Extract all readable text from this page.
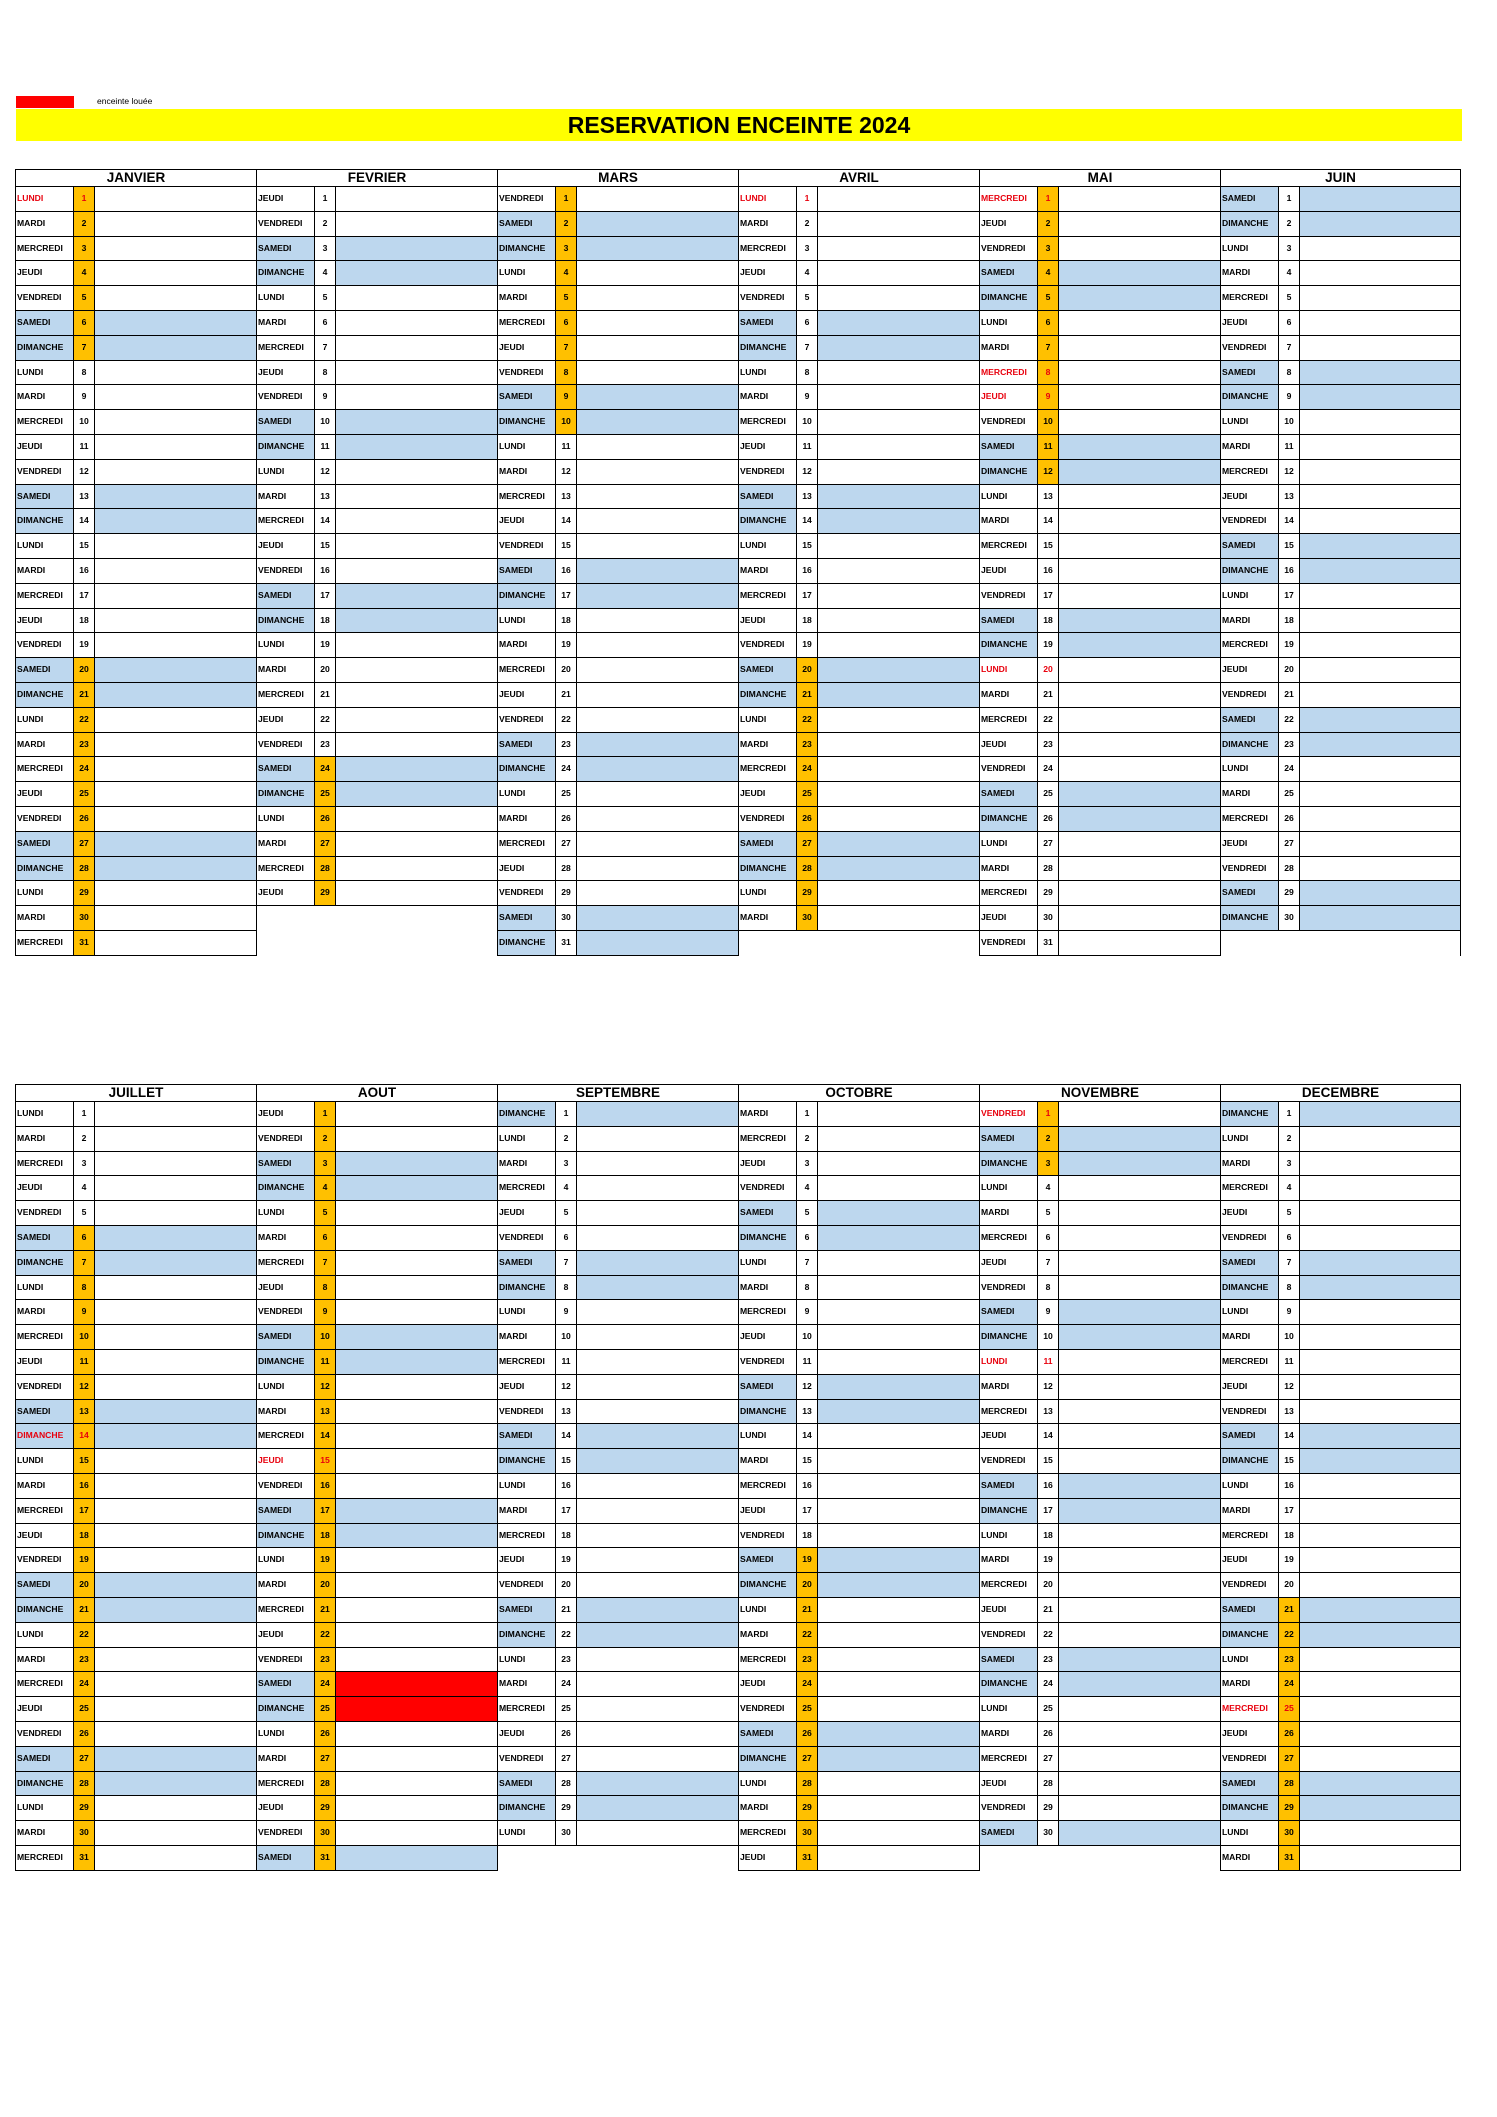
enceinte louée
RESERVATION ENCEINTE 2024
JANVIER
LUNDI	1
MARDI	2
MERCREDI	3
JEUDI	4
VENDREDI	5
SAMEDI	6
DIMANCHE	7
LUNDI	8
MARDI	9
MERCREDI	10
JEUDI	11
VENDREDI	12
SAMEDI	13
DIMANCHE	14
LUNDI	15
MARDI	16
MERCREDI	17
JEUDI	18
VENDREDI	19
SAMEDI	20
DIMANCHE	21
LUNDI	22
MARDI	23
MERCREDI	24
JEUDI	25
VENDREDI	26
SAMEDI	27
DIMANCHE	28
LUNDI	29
MARDI	30
MERCREDI	31
FEVRIER
JEUDI	1
VENDREDI	2
SAMEDI	3
DIMANCHE	4
LUNDI	5
MARDI	6
MERCREDI	7
JEUDI	8
VENDREDI	9
SAMEDI	10
DIMANCHE	11
LUNDI	12
MARDI	13
MERCREDI	14
JEUDI	15
VENDREDI	16
SAMEDI	17
DIMANCHE	18
LUNDI	19
MARDI	20
MERCREDI	21
JEUDI	22
VENDREDI	23
SAMEDI	24
DIMANCHE	25
LUNDI	26
MARDI	27
MERCREDI	28
JEUDI	29
MARS
VENDREDI	1
SAMEDI	2
DIMANCHE	3
LUNDI	4
MARDI	5
MERCREDI	6
JEUDI	7
VENDREDI	8
SAMEDI	9
DIMANCHE	10
LUNDI	11
MARDI	12
MERCREDI	13
JEUDI	14
VENDREDI	15
SAMEDI	16
DIMANCHE	17
LUNDI	18
MARDI	19
MERCREDI	20
JEUDI	21
VENDREDI	22
SAMEDI	23
DIMANCHE	24
LUNDI	25
MARDI	26
MERCREDI	27
JEUDI	28
VENDREDI	29
SAMEDI	30
DIMANCHE	31
AVRIL
LUNDI	1
MARDI	2
MERCREDI	3
JEUDI	4
VENDREDI	5
SAMEDI	6
DIMANCHE	7
LUNDI	8
MARDI	9
MERCREDI	10
JEUDI	11
VENDREDI	12
SAMEDI	13
DIMANCHE	14
LUNDI	15
MARDI	16
MERCREDI	17
JEUDI	18
VENDREDI	19
SAMEDI	20
DIMANCHE	21
LUNDI	22
MARDI	23
MERCREDI	24
JEUDI	25
VENDREDI	26
SAMEDI	27
DIMANCHE	28
LUNDI	29
MARDI	30
MAI
MERCREDI	1
JEUDI	2
VENDREDI	3
SAMEDI	4
DIMANCHE	5
LUNDI	6
MARDI	7
MERCREDI	8
JEUDI	9
VENDREDI	10
SAMEDI	11
DIMANCHE	12
LUNDI	13
MARDI	14
MERCREDI	15
JEUDI	16
VENDREDI	17
SAMEDI	18
DIMANCHE	19
LUNDI	20
MARDI	21
MERCREDI	22
JEUDI	23
VENDREDI	24
SAMEDI	25
DIMANCHE	26
LUNDI	27
MARDI	28
MERCREDI	29
JEUDI	30
VENDREDI	31
JUIN
SAMEDI	1
DIMANCHE	2
LUNDI	3
MARDI	4
MERCREDI	5
JEUDI	6
VENDREDI	7
SAMEDI	8
DIMANCHE	9
LUNDI	10
MARDI	11
MERCREDI	12
JEUDI	13
VENDREDI	14
SAMEDI	15
DIMANCHE	16
LUNDI	17
MARDI	18
MERCREDI	19
JEUDI	20
VENDREDI	21
SAMEDI	22
DIMANCHE	23
LUNDI	24
MARDI	25
MERCREDI	26
JEUDI	27
VENDREDI	28
SAMEDI	29
DIMANCHE	30
JUILLET
LUNDI	1
MARDI	2
MERCREDI	3
JEUDI	4
VENDREDI	5
SAMEDI	6
DIMANCHE	7
LUNDI	8
MARDI	9
MERCREDI	10
JEUDI	11
VENDREDI	12
SAMEDI	13
DIMANCHE	14
LUNDI	15
MARDI	16
MERCREDI	17
JEUDI	18
VENDREDI	19
SAMEDI	20
DIMANCHE	21
LUNDI	22
MARDI	23
MERCREDI	24
JEUDI	25
VENDREDI	26
SAMEDI	27
DIMANCHE	28
LUNDI	29
MARDI	30
MERCREDI	31
AOUT
JEUDI	1
VENDREDI	2
SAMEDI	3
DIMANCHE	4
LUNDI	5
MARDI	6
MERCREDI	7
JEUDI	8
VENDREDI	9
SAMEDI	10
DIMANCHE	11
LUNDI	12
MARDI	13
MERCREDI	14
JEUDI	15
VENDREDI	16
SAMEDI	17
DIMANCHE	18
LUNDI	19
MARDI	20
MERCREDI	21
JEUDI	22
VENDREDI	23
SAMEDI	24
DIMANCHE	25
LUNDI	26
MARDI	27
MERCREDI	28
JEUDI	29
VENDREDI	30
SAMEDI	31
SEPTEMBRE
DIMANCHE	1
LUNDI	2
MARDI	3
MERCREDI	4
JEUDI	5
VENDREDI	6
SAMEDI	7
DIMANCHE	8
LUNDI	9
MARDI	10
MERCREDI	11
JEUDI	12
VENDREDI	13
SAMEDI	14
DIMANCHE	15
LUNDI	16
MARDI	17
MERCREDI	18
JEUDI	19
VENDREDI	20
SAMEDI	21
DIMANCHE	22
LUNDI	23
MARDI	24
MERCREDI	25
JEUDI	26
VENDREDI	27
SAMEDI	28
DIMANCHE	29
LUNDI	30
OCTOBRE
MARDI	1
MERCREDI	2
JEUDI	3
VENDREDI	4
SAMEDI	5
DIMANCHE	6
LUNDI	7
MARDI	8
MERCREDI	9
JEUDI	10
VENDREDI	11
SAMEDI	12
DIMANCHE	13
LUNDI	14
MARDI	15
MERCREDI	16
JEUDI	17
VENDREDI	18
SAMEDI	19
DIMANCHE	20
LUNDI	21
MARDI	22
MERCREDI	23
JEUDI	24
VENDREDI	25
SAMEDI	26
DIMANCHE	27
LUNDI	28
MARDI	29
MERCREDI	30
JEUDI	31
NOVEMBRE
VENDREDI	1
SAMEDI	2
DIMANCHE	3
LUNDI	4
MARDI	5
MERCREDI	6
JEUDI	7
VENDREDI	8
SAMEDI	9
DIMANCHE	10
LUNDI	11
MARDI	12
MERCREDI	13
JEUDI	14
VENDREDI	15
SAMEDI	16
DIMANCHE	17
LUNDI	18
MARDI	19
MERCREDI	20
JEUDI	21
VENDREDI	22
SAMEDI	23
DIMANCHE	24
LUNDI	25
MARDI	26
MERCREDI	27
JEUDI	28
VENDREDI	29
SAMEDI	30
DECEMBRE
DIMANCHE	1
LUNDI	2
MARDI	3
MERCREDI	4
JEUDI	5
VENDREDI	6
SAMEDI	7
DIMANCHE	8
LUNDI	9
MARDI	10
MERCREDI	11
JEUDI	12
VENDREDI	13
SAMEDI	14
DIMANCHE	15
LUNDI	16
MARDI	17
MERCREDI	18
JEUDI	19
VENDREDI	20
SAMEDI	21
DIMANCHE	22
LUNDI	23
MARDI	24
MERCREDI	25
JEUDI	26
VENDREDI	27
SAMEDI	28
DIMANCHE	29
LUNDI	30
MARDI	31
